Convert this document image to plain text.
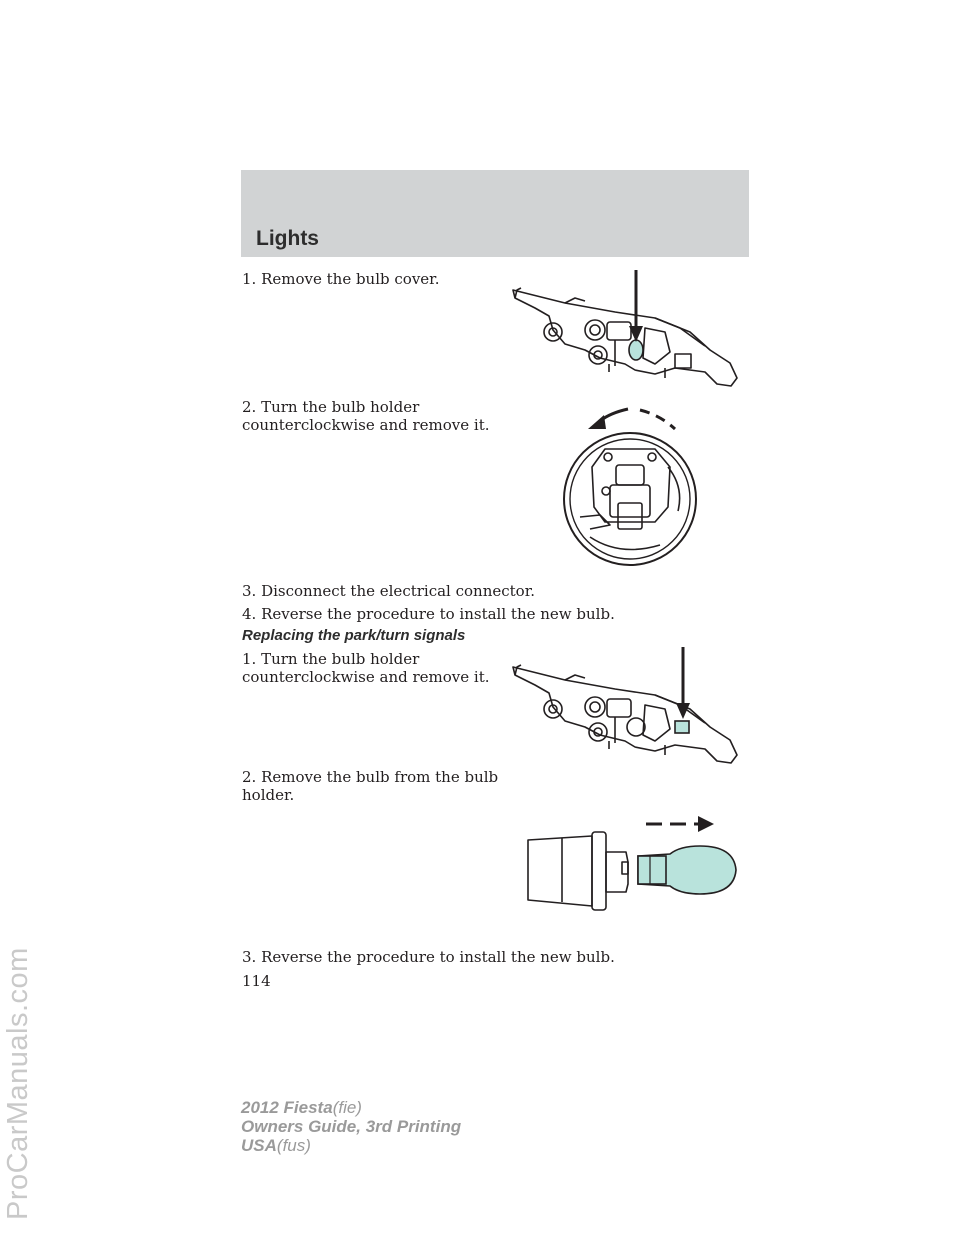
Lights
ProCarManuals.com
1. Remove the bulb cover.
2. Turn the bulb holder
counterclockwise and remove it.
3. Disconnect the electrical connector.
4. Reverse the procedure to install the new bulb.
Replacing the park/turn signals
1. Turn the bulb holder
counterclockwise and remove it.
2. Remove the bulb from the bulb
holder.
3. Reverse the procedure to install the new bulb.
114
2012 Fiesta(fie)
Owners Guide, 3rd Printing
USA(fus)
